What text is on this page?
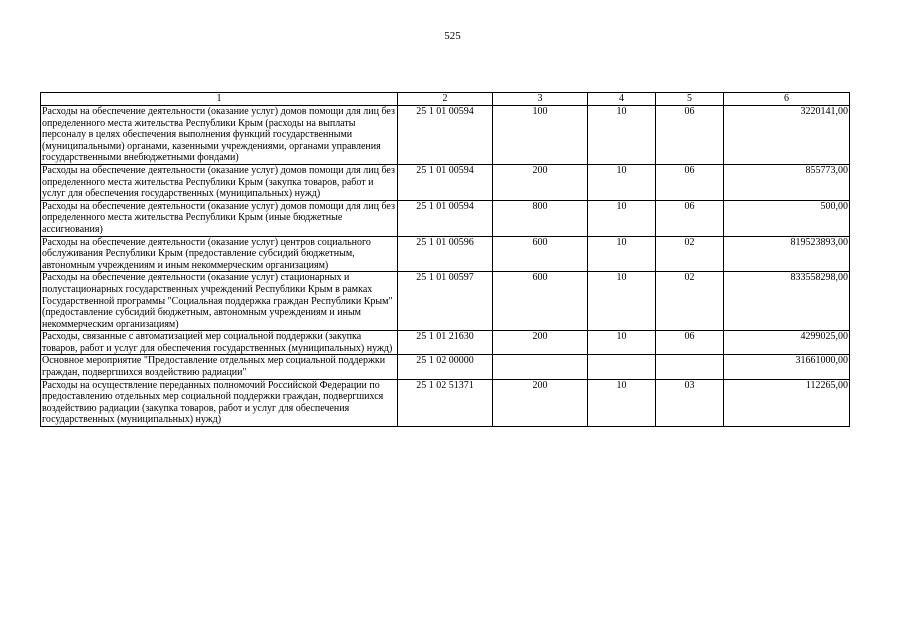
525
1	2	3	4	5	6
Расходы на обеспечение деятельности (оказание услуг) домов помощи для лиц без определенного места жительства Республики Крым (расходы на выплаты персоналу в целях обеспечения выполнения функций государственными (муниципальными) органами, казенными учреждениями, органами управления государственными внебюджетными фондами)	25 1 01 00594	100	10	06	3220141,00
Расходы на обеспечение деятельности (оказание услуг) домов помощи для лиц без определенного места жительства Республики Крым (закупка товаров, работ и услуг для обеспечения государственных (муниципальных) нужд)	25 1 01 00594	200	10	06	855773,00
Расходы на обеспечение деятельности (оказание услуг) домов помощи для лиц без определенного места жительства Республики Крым (иные бюджетные ассигнования)	25 1 01 00594	800	10	06	500,00
Расходы на обеспечение деятельности (оказание услуг) центров социального обслуживания Республики Крым (предоставление субсидий бюджетным, автономным учреждениям и иным некоммерческим организациям)	25 1 01 00596	600	10	02	819523893,00
Расходы на обеспечение деятельности (оказание услуг) стационарных и полустационарных государственных учреждений Республики Крым в рамках Государственной программы "Социальная поддержка граждан Республики Крым" (предоставление субсидий бюджетным, автономным учреждениям и иным некоммерческим организациям)	25 1 01 00597	600	10	02	833558298,00
Расходы, связанные с автоматизацией мер социальной поддержки (закупка товаров, работ и услуг для обеспечения государственных (муниципальных) нужд)	25 1 01 21630	200	10	06	4299025,00
Основное мероприятие "Предоставление отдельных мер социальной поддержки граждан, подвергшихся воздействию радиации"	25 1 02 00000				31661000,00
Расходы на осуществление переданных полномочий Российской Федерации по предоставлению отдельных мер социальной поддержки граждан, подвергшихся воздействию радиации (закупка товаров, работ и услуг для обеспечения государственных (муниципальных) нужд)	25 1 02 51371	200	10	03	112265,00
